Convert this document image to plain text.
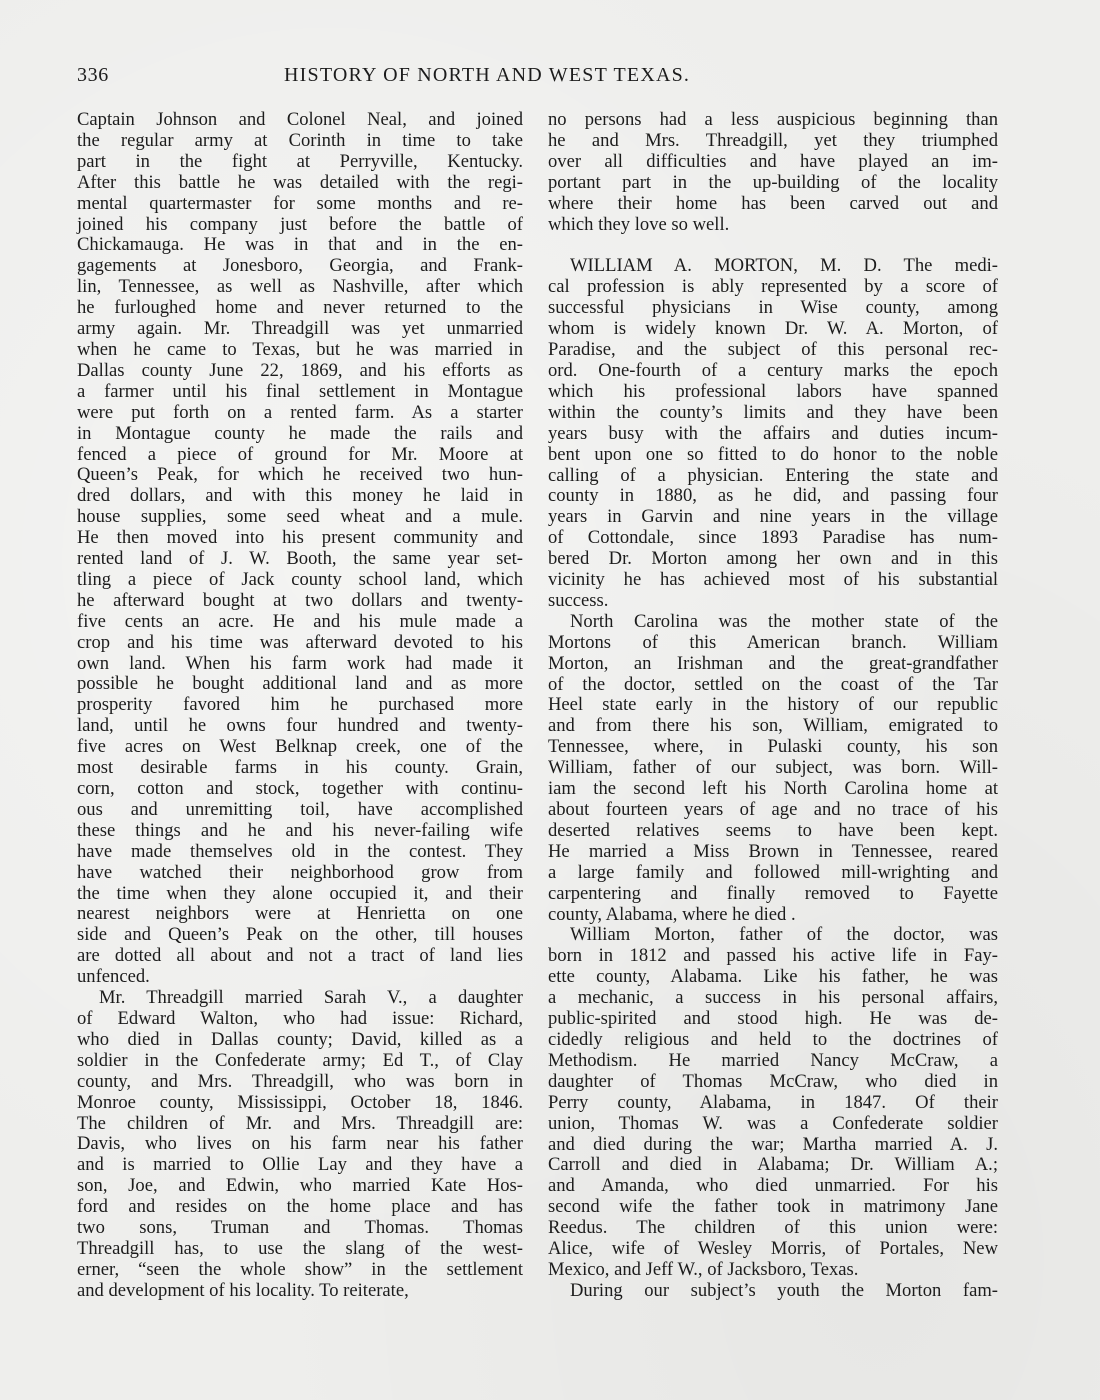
336	HISTORY OF NORTH AND WEST TEXAS.

Captain Johnson and Colonel Neal, and joined
the regular army at Corinth in time to take
part in the fight at Perryville, Kentucky.
After this battle he was detailed with the regi-
mental quartermaster for some months and re-
joined his company just before the battle of
Chickamauga. He was in that and in the en-
gagements at Jonesboro, Georgia, and Frank-
lin, Tennessee, as well as Nashville, after which
he furloughed home and never returned to the
army again. Mr. Threadgill was yet unmarried
when he came to Texas, but he was married in
Dallas county June 22, 1869, and his efforts as
a farmer until his final settlement in Montague
were put forth on a rented farm. As a starter
in Montague county he made the rails and
fenced a piece of ground for Mr. Moore at
Queen’s Peak, for which he received two hun-
dred dollars, and with this money he laid in
house supplies, some seed wheat and a mule.
He then moved into his present community and
rented land of J. W. Booth, the same year set-
tling a piece of Jack county school land, which
he afterward bought at two dollars and twenty-
five cents an acre. He and his mule made a
crop and his time was afterward devoted to his
own land. When his farm work had made it
possible he bought additional land and as more
prosperity favored him he purchased more
land, until he owns four hundred and twenty-
five acres on West Belknap creek, one of the
most desirable farms in his county. Grain,
corn, cotton and stock, together with continu-
ous and unremitting toil, have accomplished
these things and he and his never-failing wife
have made themselves old in the contest. They
have watched their neighborhood grow from
the time when they alone occupied it, and their
nearest neighbors were at Henrietta on one
side and Queen’s Peak on the other, till houses
are dotted all about and not a tract of land lies
unfenced.

Mr. Threadgill married Sarah V., a daughter
of Edward Walton, who had issue: Richard,
who died in Dallas county; David, killed as a
soldier in the Confederate army; Ed T., of Clay
county, and Mrs. Threadgill, who was born in
Monroe county, Mississippi, October 18, 1846.
The children of Mr. and Mrs. Threadgill are:
Davis, who lives on his farm near his father
and is married to Ollie Lay and they have a
son, Joe, and Edwin, who married Kate Hos-
ford and resides on the home place and has
two sons, Truman and Thomas. Thomas
Threadgill has, to use the slang of the west-
erner, “seen the whole show” in the settlement
and development of his locality. To reiterate,

no persons had a less auspicious beginning than
he and Mrs. Threadgill, yet they triumphed
over all difficulties and have played an im-
portant part in the up-building of the locality
where their home has been carved out and
which they love so well.

WILLIAM A. MORTON, M. D. The medi-
cal profession is ably represented by a score of
successful physicians in Wise county, among
whom is widely known Dr. W. A. Morton, of
Paradise, and the subject of this personal rec-
ord. One-fourth of a century marks the epoch
which his professional labors have spanned
within the county’s limits and they have been
years busy with the affairs and duties incum-
bent upon one so fitted to do honor to the noble
calling of a physician. Entering the state and
county in 1880, as he did, and passing four
years in Garvin and nine years in the village
of Cottondale, since 1893 Paradise has num-
bered Dr. Morton among her own and in this
vicinity he has achieved most of his substantial
success.

North Carolina was the mother state of the
Mortons of this American branch. William
Morton, an Irishman and the great-grandfather
of the doctor, settled on the coast of the Tar
Heel state early in the history of our republic
and from there his son, William, emigrated to
Tennessee, where, in Pulaski county, his son
William, father of our subject, was born. Will-
iam the second left his North Carolina home at
about fourteen years of age and no trace of his
deserted relatives seems to have been kept.
He married a Miss Brown in Tennessee, reared
a large family and followed mill-wrighting and
carpentering and finally removed to Fayette
county, Alabama, where he died .

William Morton, father of the doctor, was
born in 1812 and passed his active life in Fay-
ette county, Alabama. Like his father, he was
a mechanic, a success in his personal affairs,
public-spirited and stood high. He was de-
cidedly religious and held to the doctrines of
Methodism. He married Nancy McCraw, a
daughter of Thomas McCraw, who died in
Perry county, Alabama, in 1847. Of their
union, Thomas W. was a Confederate soldier
and died during the war; Martha married A. J.
Carroll and died in Alabama; Dr. William A.;
and Amanda, who died unmarried. For his
second wife the father took in matrimony Jane
Reedus. The children of this union were:
Alice, wife of Wesley Morris, of Portales, New
Mexico, and Jeff W., of Jacksboro, Texas.

During our subject’s youth the Morton fam-
